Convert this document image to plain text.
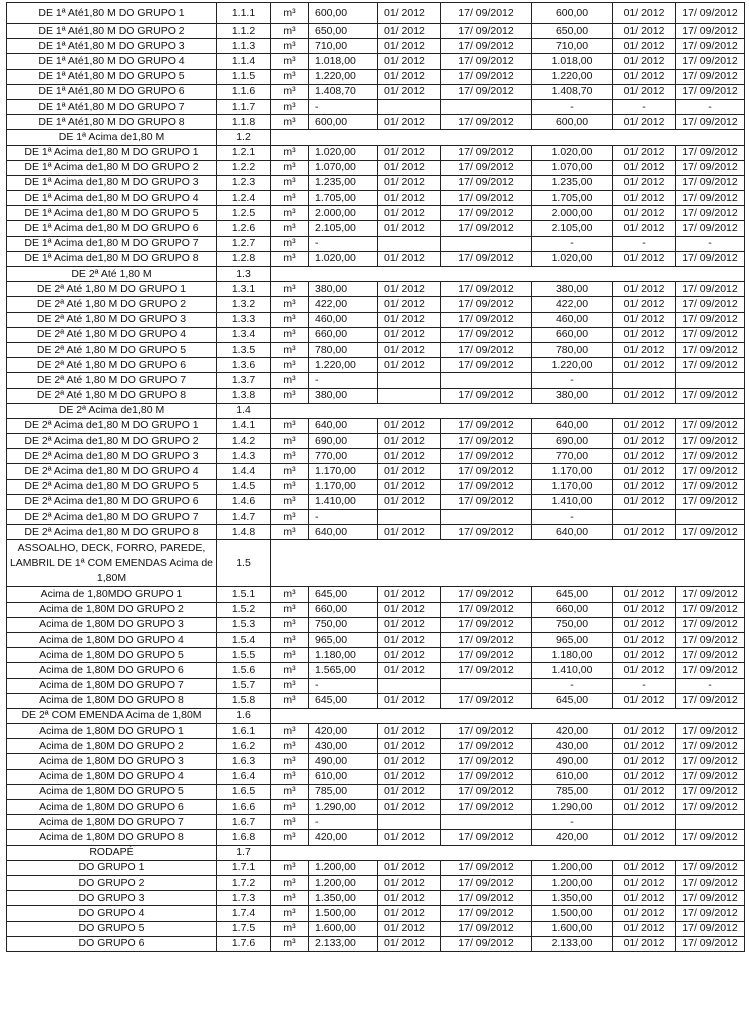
DE 1ª Até1,80 M DO GRUPO 1	1.1.1	m³	600,00	01/ 2012	17/ 09/2012	600,00	01/ 2012	17/ 09/2012
DE 1ª Até1,80 M DO GRUPO 2	1.1.2	m³	650,00	01/ 2012	17/ 09/2012	650,00	01/ 2012	17/ 09/2012
DE 1ª Até1,80 M DO GRUPO 3	1.1.3	m³	710,00	01/ 2012	17/ 09/2012	710,00	01/ 2012	17/ 09/2012
DE 1ª Até1,80 M DO GRUPO 4	1.1.4	m³	1.018,00	01/ 2012	17/ 09/2012	1.018,00	01/ 2012	17/ 09/2012
DE 1ª Até1,80 M DO GRUPO 5	1.1.5	m³	1.220,00	01/ 2012	17/ 09/2012	1.220,00	01/ 2012	17/ 09/2012
DE 1ª Até1,80 M DO GRUPO 6	1.1.6	m³	1.408,70	01/ 2012	17/ 09/2012	1.408,70	01/ 2012	17/ 09/2012
DE 1ª Até1,80 M DO GRUPO 7	1.1.7	m³	-			-	-	-
DE 1ª Até1,80 M DO GRUPO 8	1.1.8	m³	600,00	01/ 2012	17/ 09/2012	600,00	01/ 2012	17/ 09/2012
DE 1ª Acima de1,80 M	1.2							
DE 1ª Acima de1,80 M DO GRUPO 1	1.2.1	m³	1.020,00	01/ 2012	17/ 09/2012	1.020,00	01/ 2012	17/ 09/2012
DE 1ª Acima de1,80 M DO GRUPO 2	1.2.2	m³	1.070,00	01/ 2012	17/ 09/2012	1.070,00	01/ 2012	17/ 09/2012
DE 1ª Acima de1,80 M DO GRUPO 3	1.2.3	m³	1.235,00	01/ 2012	17/ 09/2012	1.235,00	01/ 2012	17/ 09/2012
DE 1ª Acima de1,80 M DO GRUPO 4	1.2.4	m³	1.705,00	01/ 2012	17/ 09/2012	1.705,00	01/ 2012	17/ 09/2012
DE 1ª Acima de1,80 M DO GRUPO 5	1.2.5	m³	2.000,00	01/ 2012	17/ 09/2012	2.000,00	01/ 2012	17/ 09/2012
DE 1ª Acima de1,80 M DO GRUPO 6	1.2.6	m³	2.105,00	01/ 2012	17/ 09/2012	2.105,00	01/ 2012	17/ 09/2012
DE 1ª Acima de1,80 M DO GRUPO 7	1.2.7	m³	-			-	-	-
DE 1ª Acima de1,80 M DO GRUPO 8	1.2.8	m³	1.020,00	01/ 2012	17/ 09/2012	1.020,00	01/ 2012	17/ 09/2012
DE 2ª Até 1,80 M	1.3							
DE 2ª Até 1,80 M DO GRUPO 1	1.3.1	m³	380,00	01/ 2012	17/ 09/2012	380,00	01/ 2012	17/ 09/2012
DE 2ª Até 1,80 M DO GRUPO 2	1.3.2	m³	422,00	01/ 2012	17/ 09/2012	422,00	01/ 2012	17/ 09/2012
DE 2ª Até 1,80 M DO GRUPO 3	1.3.3	m³	460,00	01/ 2012	17/ 09/2012	460,00	01/ 2012	17/ 09/2012
DE 2ª Até 1,80 M DO GRUPO 4	1.3.4	m³	660,00	01/ 2012	17/ 09/2012	660,00	01/ 2012	17/ 09/2012
DE 2ª Até 1,80 M DO GRUPO 5	1.3.5	m³	780,00	01/ 2012	17/ 09/2012	780,00	01/ 2012	17/ 09/2012
DE 2ª Até 1,80 M DO GRUPO 6	1.3.6	m³	1.220,00	01/ 2012	17/ 09/2012	1.220,00	01/ 2012	17/ 09/2012
DE 2ª Até 1,80 M DO GRUPO 7	1.3.7	m³	-			-		
DE 2ª Até 1,80 M DO GRUPO 8	1.3.8	m³	380,00		17/ 09/2012	380,00	01/ 2012	17/ 09/2012
DE 2ª Acima de1,80 M	1.4							
DE 2ª Acima de1,80 M DO GRUPO 1	1.4.1	m³	640,00	01/ 2012	17/ 09/2012	640,00	01/ 2012	17/ 09/2012
DE 2ª Acima de1,80 M DO GRUPO 2	1.4.2	m³	690,00	01/ 2012	17/ 09/2012	690,00	01/ 2012	17/ 09/2012
DE 2ª Acima de1,80 M DO GRUPO 3	1.4.3	m³	770,00	01/ 2012	17/ 09/2012	770,00	01/ 2012	17/ 09/2012
DE 2ª Acima de1,80 M DO GRUPO 4	1.4.4	m³	1.170,00	01/ 2012	17/ 09/2012	1.170,00	01/ 2012	17/ 09/2012
DE 2ª Acima de1,80 M DO GRUPO 5	1.4.5	m³	1.170,00	01/ 2012	17/ 09/2012	1.170,00	01/ 2012	17/ 09/2012
DE 2ª Acima de1,80 M DO GRUPO 6	1.4.6	m³	1.410,00	01/ 2012	17/ 09/2012	1.410,00	01/ 2012	17/ 09/2012
DE 2ª Acima de1,80 M DO GRUPO 7	1.4.7	m³	-			-		
DE 2ª Acima de1,80 M DO GRUPO 8	1.4.8	m³	640,00	01/ 2012	17/ 09/2012	640,00	01/ 2012	17/ 09/2012
ASSOALHO, DECK, FORRO, PAREDE, LAMBRIL DE 1ª COM EMENDAS Acima de 1,80M	1.5							
Acima de 1,80MDO GRUPO 1	1.5.1	m³	645,00	01/ 2012	17/ 09/2012	645,00	01/ 2012	17/ 09/2012
Acima de 1,80M DO GRUPO 2	1.5.2	m³	660,00	01/ 2012	17/ 09/2012	660,00	01/ 2012	17/ 09/2012
Acima de 1,80M DO GRUPO 3	1.5.3	m³	750,00	01/ 2012	17/ 09/2012	750,00	01/ 2012	17/ 09/2012
Acima de 1,80M DO GRUPO 4	1.5.4	m³	965,00	01/ 2012	17/ 09/2012	965,00	01/ 2012	17/ 09/2012
Acima de 1,80M DO GRUPO 5	1.5.5	m³	1.180,00	01/ 2012	17/ 09/2012	1.180,00	01/ 2012	17/ 09/2012
Acima de 1,80M DO GRUPO 6	1.5.6	m³	1.565,00	01/ 2012	17/ 09/2012	1.410,00	01/ 2012	17/ 09/2012
Acima de 1,80M DO GRUPO 7	1.5.7	m³	-			-	-	-
Acima de 1,80M DO GRUPO 8	1.5.8	m³	645,00	01/ 2012	17/ 09/2012	645,00	01/ 2012	17/ 09/2012
DE 2ª COM EMENDA Acima de 1,80M	1.6							
Acima de 1,80M DO GRUPO 1	1.6.1	m³	420,00	01/ 2012	17/ 09/2012	420,00	01/ 2012	17/ 09/2012
Acima de 1,80M DO GRUPO 2	1.6.2	m³	430,00	01/ 2012	17/ 09/2012	430,00	01/ 2012	17/ 09/2012
Acima de 1,80M DO GRUPO 3	1.6.3	m³	490,00	01/ 2012	17/ 09/2012	490,00	01/ 2012	17/ 09/2012
Acima de 1,80M DO GRUPO 4	1.6.4	m³	610,00	01/ 2012	17/ 09/2012	610,00	01/ 2012	17/ 09/2012
Acima de 1,80M DO GRUPO 5	1.6.5	m³	785,00	01/ 2012	17/ 09/2012	785,00	01/ 2012	17/ 09/2012
Acima de 1,80M DO GRUPO 6	1.6.6	m³	1.290,00	01/ 2012	17/ 09/2012	1.290,00	01/ 2012	17/ 09/2012
Acima de 1,80M DO GRUPO 7	1.6.7	m³	-			-		
Acima de 1,80M DO GRUPO 8	1.6.8	m³	420,00	01/ 2012	17/ 09/2012	420,00	01/ 2012	17/ 09/2012
RODAPÉ	1.7							
DO GRUPO 1	1.7.1	m³	1.200,00	01/ 2012	17/ 09/2012	1.200,00	01/ 2012	17/ 09/2012
DO GRUPO 2	1.7.2	m³	1.200,00	01/ 2012	17/ 09/2012	1.200,00	01/ 2012	17/ 09/2012
DO GRUPO 3	1.7.3	m³	1.350,00	01/ 2012	17/ 09/2012	1.350,00	01/ 2012	17/ 09/2012
DO GRUPO 4	1.7.4	m³	1.500,00	01/ 2012	17/ 09/2012	1.500,00	01/ 2012	17/ 09/2012
DO GRUPO 5	1.7.5	m³	1.600,00	01/ 2012	17/ 09/2012	1.600,00	01/ 2012	17/ 09/2012
DO GRUPO 6	1.7.6	m³	2.133,00	01/ 2012	17/ 09/2012	2.133,00	01/ 2012	17/ 09/2012
